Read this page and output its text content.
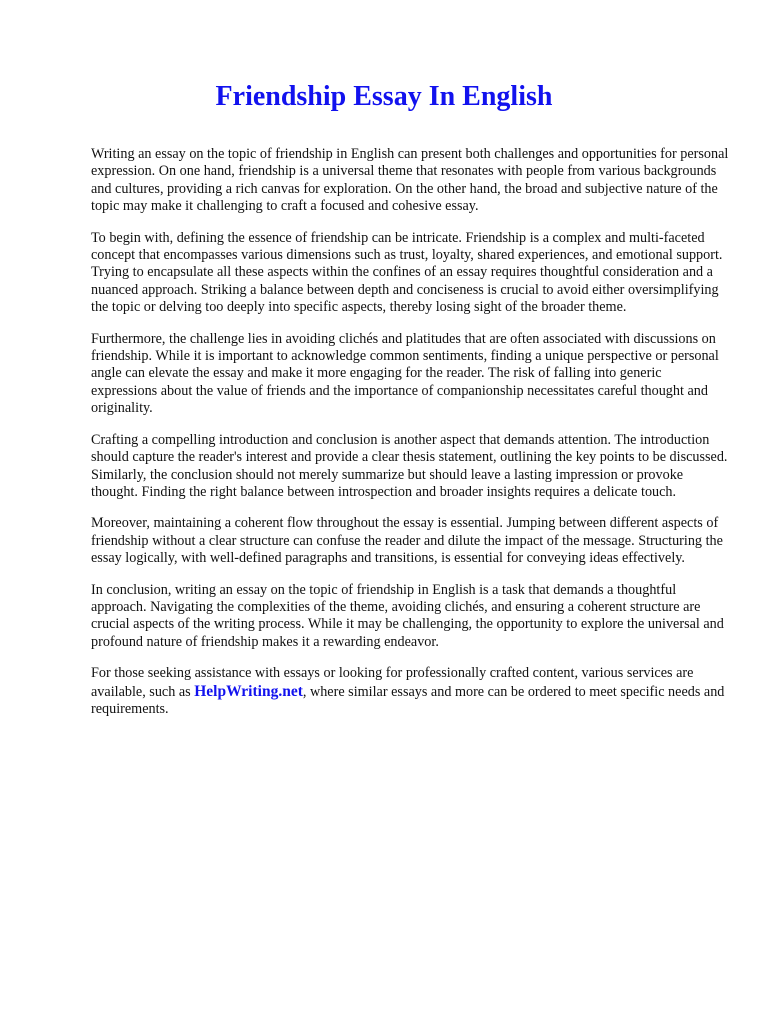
Friendship Essay In English

Writing an essay on the topic of friendship in English can present both challenges and opportunities for personal expression. On one hand, friendship is a universal theme that resonates with people from various backgrounds and cultures, providing a rich canvas for exploration. On the other hand, the broad and subjective nature of the topic may make it challenging to craft a focused and cohesive essay.

To begin with, defining the essence of friendship can be intricate. Friendship is a complex and multi-faceted concept that encompasses various dimensions such as trust, loyalty, shared experiences, and emotional support. Trying to encapsulate all these aspects within the confines of an essay requires thoughtful consideration and a nuanced approach. Striking a balance between depth and conciseness is crucial to avoid either oversimplifying the topic or delving too deeply into specific aspects, thereby losing sight of the broader theme.

Furthermore, the challenge lies in avoiding clichés and platitudes that are often associated with discussions on friendship. While it is important to acknowledge common sentiments, finding a unique perspective or personal angle can elevate the essay and make it more engaging for the reader. The risk of falling into generic expressions about the value of friends and the importance of companionship necessitates careful thought and originality.

Crafting a compelling introduction and conclusion is another aspect that demands attention. The introduction should capture the reader's interest and provide a clear thesis statement, outlining the key points to be discussed. Similarly, the conclusion should not merely summarize but should leave a lasting impression or provoke thought. Finding the right balance between introspection and broader insights requires a delicate touch.

Moreover, maintaining a coherent flow throughout the essay is essential. Jumping between different aspects of friendship without a clear structure can confuse the reader and dilute the impact of the message. Structuring the essay logically, with well-defined paragraphs and transitions, is essential for conveying ideas effectively.

In conclusion, writing an essay on the topic of friendship in English is a task that demands a thoughtful approach. Navigating the complexities of the theme, avoiding clichés, and ensuring a coherent structure are crucial aspects of the writing process. While it may be challenging, the opportunity to explore the universal and profound nature of friendship makes it a rewarding endeavor.

For those seeking assistance with essays or looking for professionally crafted content, various services are available, such as HelpWriting.net, where similar essays and more can be ordered to meet specific needs and requirements.
